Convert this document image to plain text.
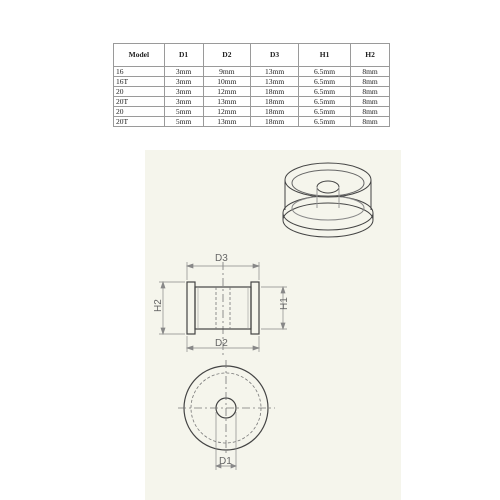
Model	D1	D2	D3	H1	H2
16	3mm	9mm	13mm	6.5mm	8mm
16T	3mm	10mm	13mm	6.5mm	8mm
20	3mm	12mm	18mm	6.5mm	8mm
20T	3mm	13mm	18mm	6.5mm	8mm
20	5mm	12mm	18mm	6.5mm	8mm
20T	5mm	13mm	18mm	6.5mm	8mm
D3
D2
H2	H1
D1
